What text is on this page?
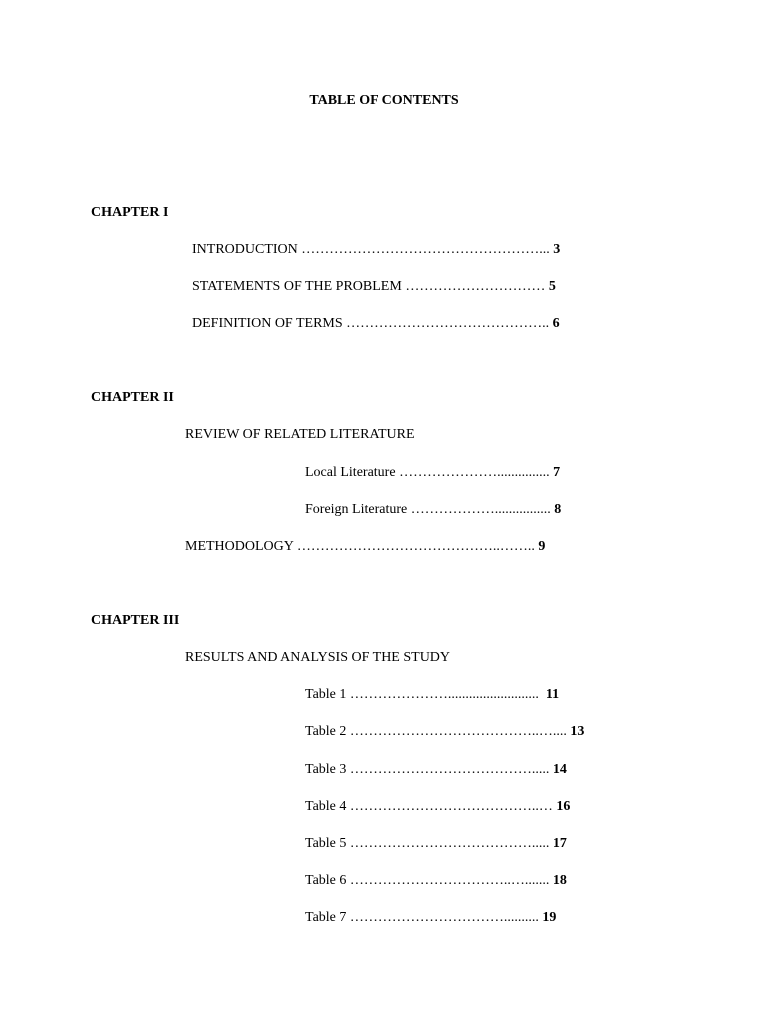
TABLE OF CONTENTS
CHAPTER I
INTRODUCTION ……………………………………………... 3
STATEMENTS OF THE PROBLEM ………………………… 5
DEFINITION OF TERMS …………………………………….. 6
CHAPTER II
REVIEW OF RELATED LITERATURE
Local Literature …………………............... 7
Foreign Literature ………………................ 8
METHODOLOGY ……………………………………..…….. 9
CHAPTER III
RESULTS AND ANALYSIS OF THE STUDY
Table 1 …………………..........................  11
Table 2 …………………………………..….... 13
Table 3 …………………………………..... 14
Table 4 …………………………………..… 16
Table 5 …………………………………..... 17
Table 6 ……………………………..…....... 18
Table 7 …………………………….......... 19
